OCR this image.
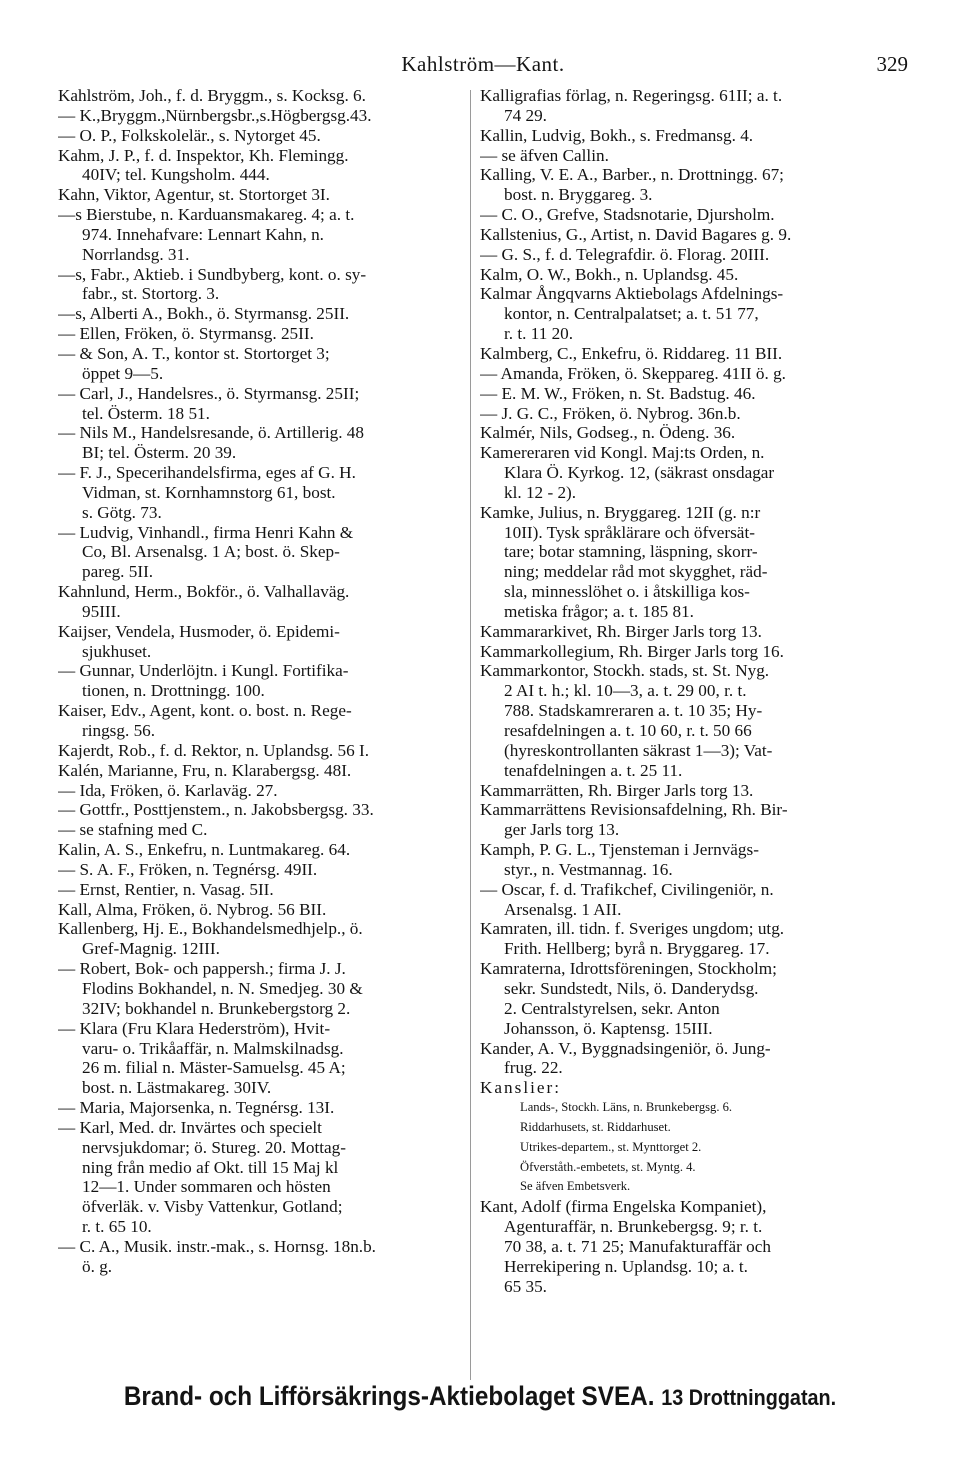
Kahlström—Kant.	329
Kahlström, Joh., f. d. Bryggm., s. Kocksg. 6.
— K.,Bryggm.,Nürnbergsbr.,s.Högbergsg.43.
— O. P., Folkskolelär., s. Nytorget 45.
Kahm, J. P., f. d. Inspektor, Kh. Flemingg.
40IV; tel. Kungsholm. 444.
Kahn, Viktor, Agentur, st. Stortorget 3I.
—s Bierstube, n. Karduansmakareg. 4; a. t.
974. Innehafvare: Lennart Kahn, n.
Norrlandsg. 31.
—s, Fabr., Aktieb. i Sundbyberg, kont. o. sy-
fabr., st. Stortorg. 3.
—s, Alberti A., Bokh., ö. Styrmansg. 25II.
— Ellen, Fröken, ö. Styrmansg. 25II.
— & Son, A. T., kontor st. Stortorget 3;
öppet 9—5.
— Carl, J., Handelsres., ö. Styrmansg. 25II;
tel. Österm. 18 51.
— Nils M., Handelsresande, ö. Artillerig. 48
BI; tel. Österm. 20 39.
— F. J., Specerihandelsfirma, eges af G. H.
Vidman, st. Kornhamnstorg 61, bost.
s. Götg. 73.
— Ludvig, Vinhandl., firma Henri Kahn &
Co, Bl. Arsenalsg. 1 A; bost. ö. Skep-
pareg. 5II.
Kahnlund, Herm., Bokför., ö. Valhallaväg.
95III.
Kaijser, Vendela, Husmoder, ö. Epidemi-
sjukhuset.
— Gunnar, Underlöjtn. i Kungl. Fortifika-
tionen, n. Drottningg. 100.
Kaiser, Edv., Agent, kont. o. bost. n. Rege-
ringsg. 56.
Kajerdt, Rob., f. d. Rektor, n. Uplandsg. 56 I.
Kalén, Marianne, Fru, n. Klarabergsg. 48I.
— Ida, Fröken, ö. Karlaväg. 27.
— Gottfr., Posttjenstem., n. Jakobsbergsg. 33.
— se stafning med C.
Kalin, A. S., Enkefru, n. Luntmakareg. 64.
— S. A. F., Fröken, n. Tegnérsg. 49II.
— Ernst, Rentier, n. Vasag. 5II.
Kall, Alma, Fröken, ö. Nybrog. 56 BII.
Kallenberg, Hj. E., Bokhandelsmedhjelp., ö.
Gref-Magnig. 12III.
— Robert, Bok- och pappersh.; firma J. J.
Flodins Bokhandel, n. N. Smedjeg. 30 &
32IV; bokhandel n. Brunkebergstorg 2.
— Klara (Fru Klara Hederström), Hvit-
varu- o. Trikåaffär, n. Malmskilnadsg.
26 m. filial n. Mäster-Samuelsg. 45 A;
bost. n. Lästmakareg. 30IV.
— Maria, Majorsenka, n. Tegnérsg. 13I.
— Karl, Med. dr. Invärtes och specielt
nervsjukdomar; ö. Stureg. 20. Mottag-
ning från medio af Okt. till 15 Maj kl
12—1. Under sommaren och hösten
öfverläk. v. Visby Vattenkur, Gotland;
r. t. 65 10.
— C. A., Musik. instr.-mak., s. Hornsg. 18n.b.
ö. g.
Kalligrafias förlag, n. Regeringsg. 61II; a. t.
74 29.
Kallin, Ludvig, Bokh., s. Fredmansg. 4.
— se äfven Callin.
Kalling, V. E. A., Barber., n. Drottningg. 67;
bost. n. Bryggareg. 3.
— C. O., Grefve, Stadsnotarie, Djursholm.
Kallstenius, G., Artist, n. David Bagares g. 9.
— G. S., f. d. Telegrafdir. ö. Florag. 20III.
Kalm, O. W., Bokh., n. Uplandsg. 45.
Kalmar Ångqvarns Aktiebolags Afdelnings-
kontor, n. Centralpalatset; a. t. 51 77,
r. t. 11 20.
Kalmberg, C., Enkefru, ö. Riddareg. 11 BII.
— Amanda, Fröken, ö. Skeppareg. 41II ö. g.
— E. M. W., Fröken, n. St. Badstug. 46.
— J. G. C., Fröken, ö. Nybrog. 36n.b.
Kalmér, Nils, Godseg., n. Ödeng. 36.
Kamereraren vid Kongl. Maj:ts Orden, n.
Klara Ö. Kyrkog. 12, (säkrast onsdagar
kl. 12 - 2).
Kamke, Julius, n. Bryggareg. 12II (g. n:r
10II). Tysk språklärare och öfversät-
tare; botar stamning, läspning, skorr-
ning; meddelar råd mot skygghet, räd-
sla, minnesslöhet o. i åtskilliga kos-
metiska frågor; a. t. 185 81.
Kammararkivet, Rh. Birger Jarls torg 13.
Kammarkollegium, Rh. Birger Jarls torg 16.
Kammarkontor, Stockh. stads, st. St. Nyg.
2 AI t. h.; kl. 10—3, a. t. 29 00, r. t.
788. Stadskamreraren a. t. 10 35; Hy-
resafdelningen a. t. 10 60, r. t. 50 66
(hyreskontrollanten säkrast 1—3); Vat-
tenafdelningen a. t. 25 11.
Kammarrätten, Rh. Birger Jarls torg 13.
Kammarrättens Revisionsafdelning, Rh. Bir-
ger Jarls torg 13.
Kamph, P. G. L., Tjensteman i Jernvägs-
styr., n. Vestmannag. 16.
— Oscar, f. d. Trafikchef, Civilingeniör, n.
Arsenalsg. 1 AII.
Kamraten, ill. tidn. f. Sveriges ungdom; utg.
Frith. Hellberg; byrå n. Bryggareg. 17.
Kamraterna, Idrottsföreningen, Stockholm;
sekr. Sundstedt, Nils, ö. Danderydsg.
2. Centralstyrelsen, sekr. Anton
Johansson, ö. Kaptensg. 15III.
Kander, A. V., Byggnadsingeniör, ö. Jung-
frug. 22.
Kanslier:
Lands-, Stockh. Läns, n. Brunkebergsg. 6.
Riddarhusets, st. Riddarhuset.
Utrikes-departem., st. Mynttorget 2.
Öfverståth.-embetets, st. Myntg. 4.
Se äfven Embetsverk.
Kant, Adolf (firma Engelska Kompaniet),
Agenturaffär, n. Brunkebergsg. 9; r. t.
70 38, a. t. 71 25; Manufakturaffär och
Herrekipering n. Uplandsg. 10; a. t.
65 35.
Brand- och Lifförsäkrings-Aktiebolaget SVEA. 13 Drottninggatan.
